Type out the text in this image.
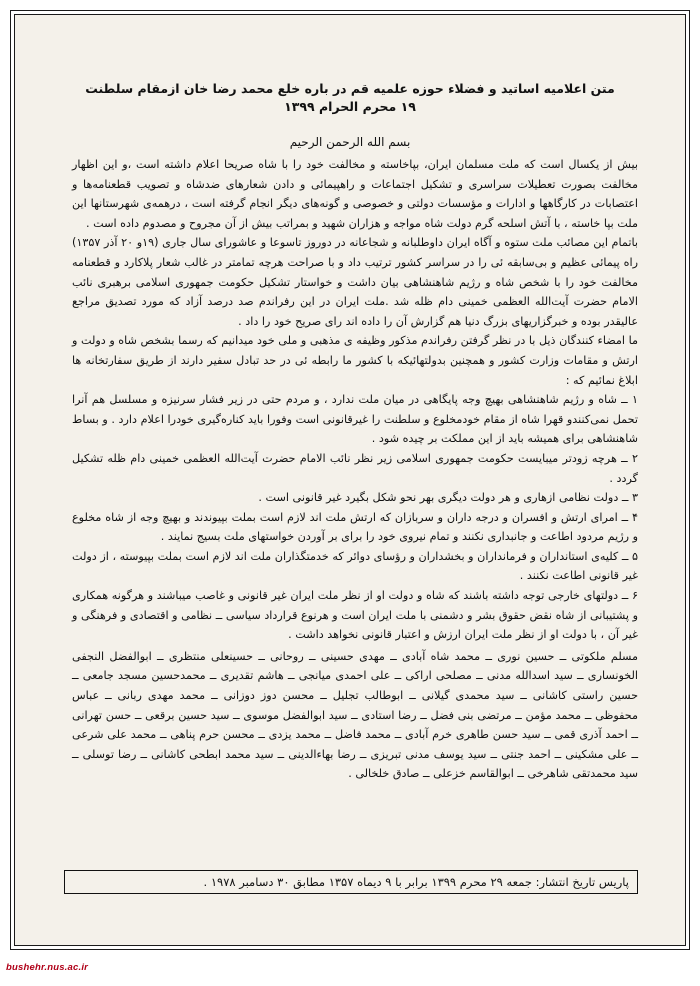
متن اعلامیه اساتید و فضلاء حوزه علمیه قم در باره خلع محمد رضا خان ازمقام سلطنت
۱۹ محرم الحرام ۱۳۹۹
بسم الله الرحمن الرحیم

بیش از یکسال است که ملت مسلمان ایران، بپاخاسته و مخالفت خود را با شاه صریحا اعلام داشته است ،و این اظهار مخالفت بصورت تعطیلات سراسری و تشکیل اجتماعات و راهپیمائی و دادن شعارهای ضدشاه و تصویب قطعنامه‌ها و اعتصابات در کارگاهها و ادارات و مؤسسات دولتی و خصوصی و گونه‌های دیگر انجام گرفته است ، درهمه‌ی شهرستانها این ملت بپا خاسته ، با آتش اسلحه گرم دولت شاه مواجه و هزاران شهید و بمراتب بیش از آن مجروح و مصدوم داده است .

باتمام این مصائب ملت ستوه و آگاه ایران داوطلبانه و شجاعانه در دوروز تاسوعا و عاشورای سال جاری (۱۹و ۲۰ آذر ۱۳۵۷) راه پیمائی عظیم و بی‌سابقه ئی را در سراسر کشور ترتیب داد و با صراحت هرچه تمامتر در غالب شعار پلاکارد و قطعنامه مخالفت خود را با شخص شاه و رژیم شاهنشاهی بیان داشت و خواستار تشکیل حکومت جمهوری اسلامی برهبری نائب الامام حضرت آیت‌الله العظمی خمینی دام ظله شد .ملت ایران در این رفراندم صد درصد آزاد که مورد تصدیق مراجع عالیقدر بوده و خبرگزاریهای بزرگ دنیا هم گزارش آن را داده اند رای صریح خود را داد .

ما امضاء کنندگان ذیل با در نظر گرفتن رفراندم مذکور وظیفه ی مذهبی و ملی خود میدانیم که رسما بشخص شاه و دولت و ارتش و مقامات وزارت کشور و همچنین بدولتهائیکه با کشور ما رابطه ئی در حد تبادل سفیر دارند از طریق سفارتخانه ها ابلاغ نمائیم که :

۱ ــ شاه و رژیم شاهنشاهی بهیچ وجه پایگاهی در میان ملت ندارد ، و مردم حتی در زیر فشار سرنیزه و مسلسل هم آنرا تحمل نمی‌کنندو قهرا شاه از مقام خودمخلوع و سلطنت را غیرقانونی است وفورا باید کناره‌گیری خودرا اعلام دارد . و بساط شاهنشاهی برای همیشه باید از این مملکت بر چیده شود .

۲ ــ هرچه زودتر میبایست حکومت جمهوری اسلامی زیر نظر نائب الامام حضرت آیت‌الله العظمی خمینی دام ظله تشکیل گردد .

۳ ــ دولت نظامی ازهاری و هر دولت دیگری بهر نحو شکل بگیرد غیر قانونی است .

۴ ــ امرای ارتش و افسران و درجه داران و سربازان که ارتش ملت اند لازم است بملت بپیوندند و بهیچ وجه از شاه مخلوع و رژیم مردود اطاعت و جانبداری نکنند و تمام نیروی خود را برای بر آوردن خواستهای ملت بسیج نمایند .

۵ ــ کلیه‌ی استانداران و فرمانداران و بخشداران و رؤسای دوائر که خدمتگذاران ملت اند لازم است بملت بپیوسته ، از دولت غیر قانونی اطاعت نکنند .

۶ ــ دولتهای خارجی توجه داشته باشند که شاه و دولت او از نظر ملت ایران غیر قانونی و غاصب میباشند و هرگونه همکاری و پشتیبانی از شاه نقض حقوق بشر و دشمنی با ملت ایران است و هرنوع قرارداد سیاسی ــ نظامی و اقتصادی و فرهنگی و غیر آن ، با دولت او از نظر ملت ایران ارزش و اعتبار قانونی نخواهد داشت .

مسلم ملکوتی ــ حسین نوری ــ محمد شاه آبادی ــ مهدی حسینی ــ روحانی ــ حسینعلی منتظری ــ ابوالفضل النجفی الخونساری ــ سید اسدالله مدنی ــ مصلحی اراکی ــ علی احمدی میانجی ــ هاشم تقدیری ــ محمدحسین مسجد جامعی ــ حسین راستی کاشانی ــ سید محمدی گیلانی ــ ابوطالب تجلیل ــ محسن دوز دوزانی ــ محمد مهدی ربانی ــ عباس محفوظی ــ محمد مؤمن ــ مرتضی بنی فضل ــ رضا استادی ــ سید ابوالفضل موسوی ــ سید حسین برقعی ــ حسن تهرانی ــ احمد آذری قمی ــ سید حسن طاهری خرم آبادی ــ محمد فاضل ــ محمد یزدی ــ محسن حرم پناهی ــ محمد علی شرعی ــ علی مشکینی ــ احمد جنتی ــ سید یوسف مدنی تبریزی ــ رضا بهاءالدینی ــ سید محمد ابطحی کاشانی ــ رضا توسلی ــ سید محمدتقی شاهرخی ــ ابوالقاسم خزعلی ــ صادق خلخالی .

پاریس تاریخ انتشار: جمعه ۲۹ محرم ۱۳۹۹ برابر با ۹ دیماه ۱۳۵۷ مطابق ۳۰ دسامبر ۱۹۷۸ .
bushehr.nus.ac.ir
